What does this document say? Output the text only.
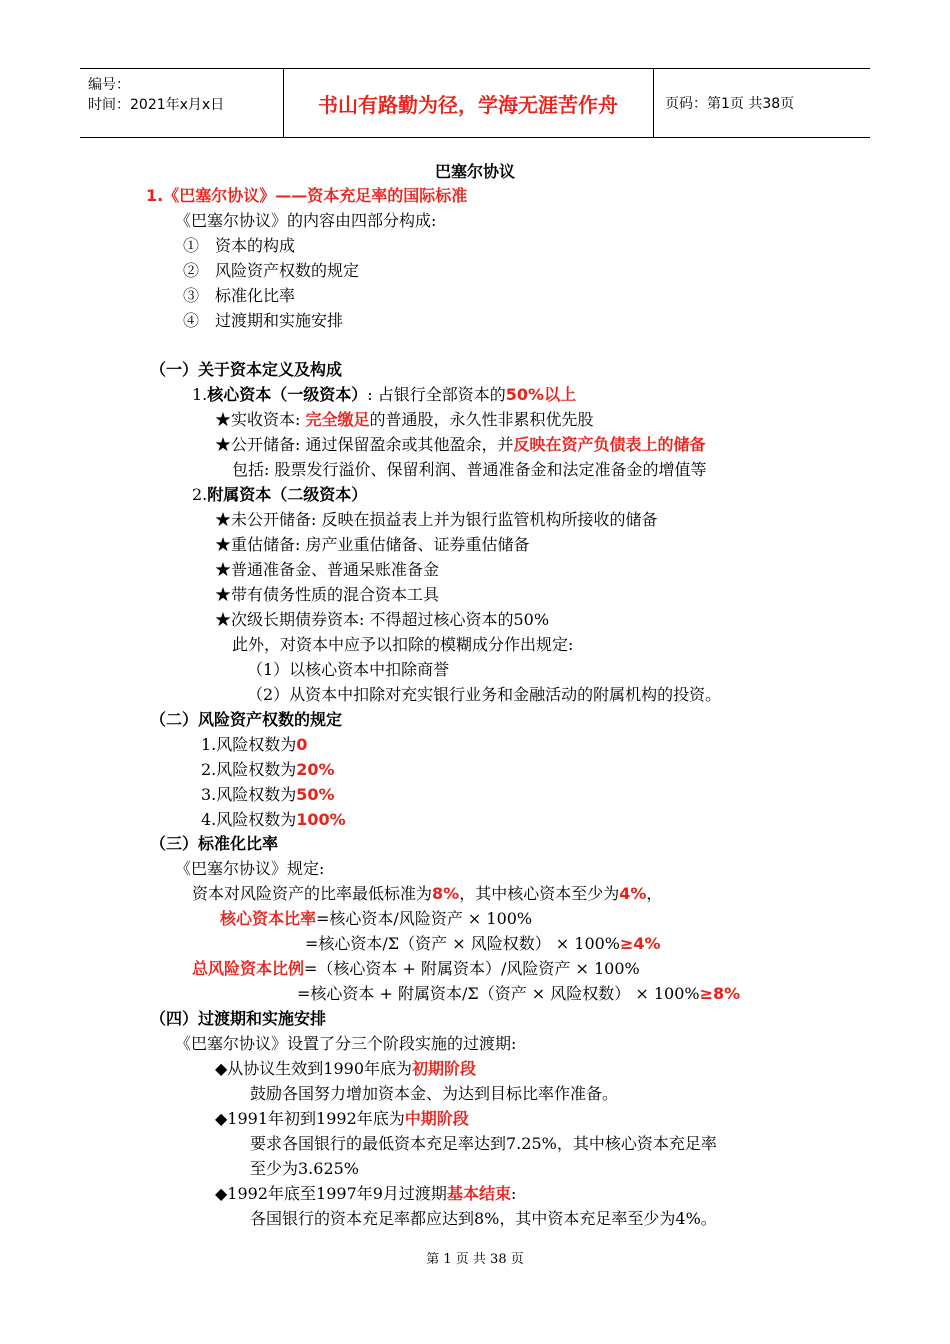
编号：
时间：2021年x月x日	书山有路勤为径，学海无涯苦作舟	页码：第1页 共38页
巴塞尔协议
1.《巴塞尔协议》——资本充足率的国际标准
《巴塞尔协议》的内容由四部分构成:
①　资本的构成
②　风险资产权数的规定
③　标准化比率
④　过渡期和实施安排
（一）关于资本定义及构成
1.核心资本（一级资本）: 占银行全部资本的50%以上
★实收资本: 完全缴足的普通股，永久性非累积优先股
★公开储备: 通过保留盈余或其他盈余，并反映在资产负债表上的储备
包括: 股票发行溢价、保留利润、普通准备金和法定准备金的增值等
2.附属资本（二级资本）
★未公开储备: 反映在损益表上并为银行监管机构所接收的储备
★重估储备: 房产业重估储备、证券重估储备
★普通准备金、普通呆账准备金
★带有债务性质的混合资本工具
★次级长期债券资本: 不得超过核心资本的50%
此外，对资本中应予以扣除的模糊成分作出规定:
（1）以核心资本中扣除商誉
（2）从资本中扣除对充实银行业务和金融活动的附属机构的投资。
（二）风险资产权数的规定
1.风险权数为0
2.风险权数为20%
3.风险权数为50%
4.风险权数为100%
（三）标准化比率
《巴塞尔协议》规定:
资本对风险资产的比率最低标准为8%，其中核心资本至少为4%，
核心资本比率=核心资本/风险资产 × 100%
=核心资本/Σ（资产 × 风险权数） × 100%≥4%
总风险资本比例=（核心资本 + 附属资本）/风险资产 × 100%
=核心资本 + 附属资本/Σ（资产 × 风险权数） × 100%≥8%
（四）过渡期和实施安排
《巴塞尔协议》设置了分三个阶段实施的过渡期:
◆从协议生效到1990年底为初期阶段
鼓励各国努力增加资本金、为达到目标比率作准备。
◆1991年初到1992年底为中期阶段
要求各国银行的最低资本充足率达到7.25%，其中核心资本充足率
至少为3.625%
◆1992年底至1997年9月过渡期基本结束:
各国银行的资本充足率都应达到8%，其中资本充足率至少为4%。
第 1 页 共 38 页
